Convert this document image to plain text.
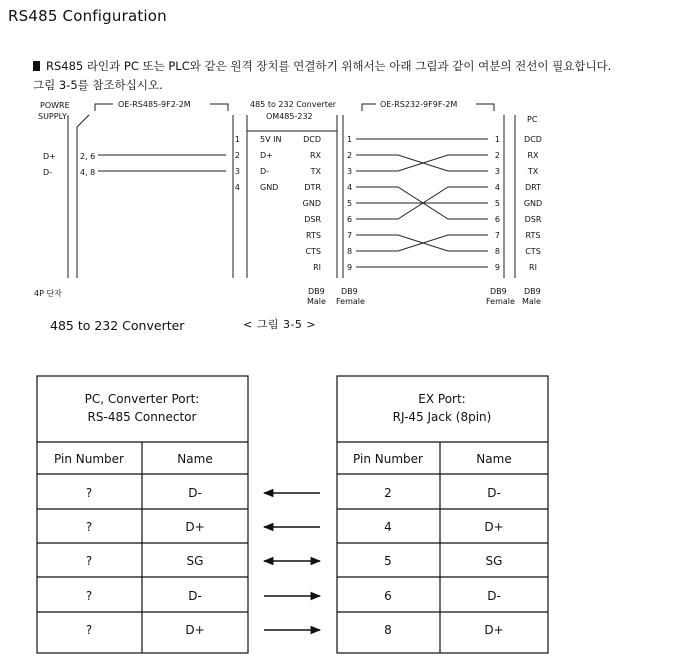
RS485 Configuration
RS485 라인과 PC 또는 PLC와 같은 원격 장치를 연결하기 위해서는 아래 그림과 같이 여분의 전선이 필요합니다.
그림 3-5를 참조하십시오.
POWRE
SUPPLY
OE-RS485-9F2-2M	485 to 232 Converter
OM485-232
OE-RS232-9F9F-2M
PC
D+
D-
2, 6
4, 8
1
2
3
4
5V IN
D+
D-
GND
DCD
RX
TX
DTR
GND
DSR
RTS
CTS
RI
1
2
3
4
5
6
7
8
9
1
2
3
4
5
6
7
8
9
DCD
RX
TX
DRT
GND
DSR
RTS
CTS
RI
4P 단자	DB9
Male
DB9
Female
DB9
Female
DB9
Male
485 to 232 Converter	< 그림 3-5 >
PC, Converter Port:
RS-485 Connector
Pin Number	Name
EX Port:
RJ-45 Jack (8pin)
Pin Number	Name
?	D-
?	D+
?	SG
?	D-
?	D+
2	D-
4	D+
5	SG
6	D-
8	D+
